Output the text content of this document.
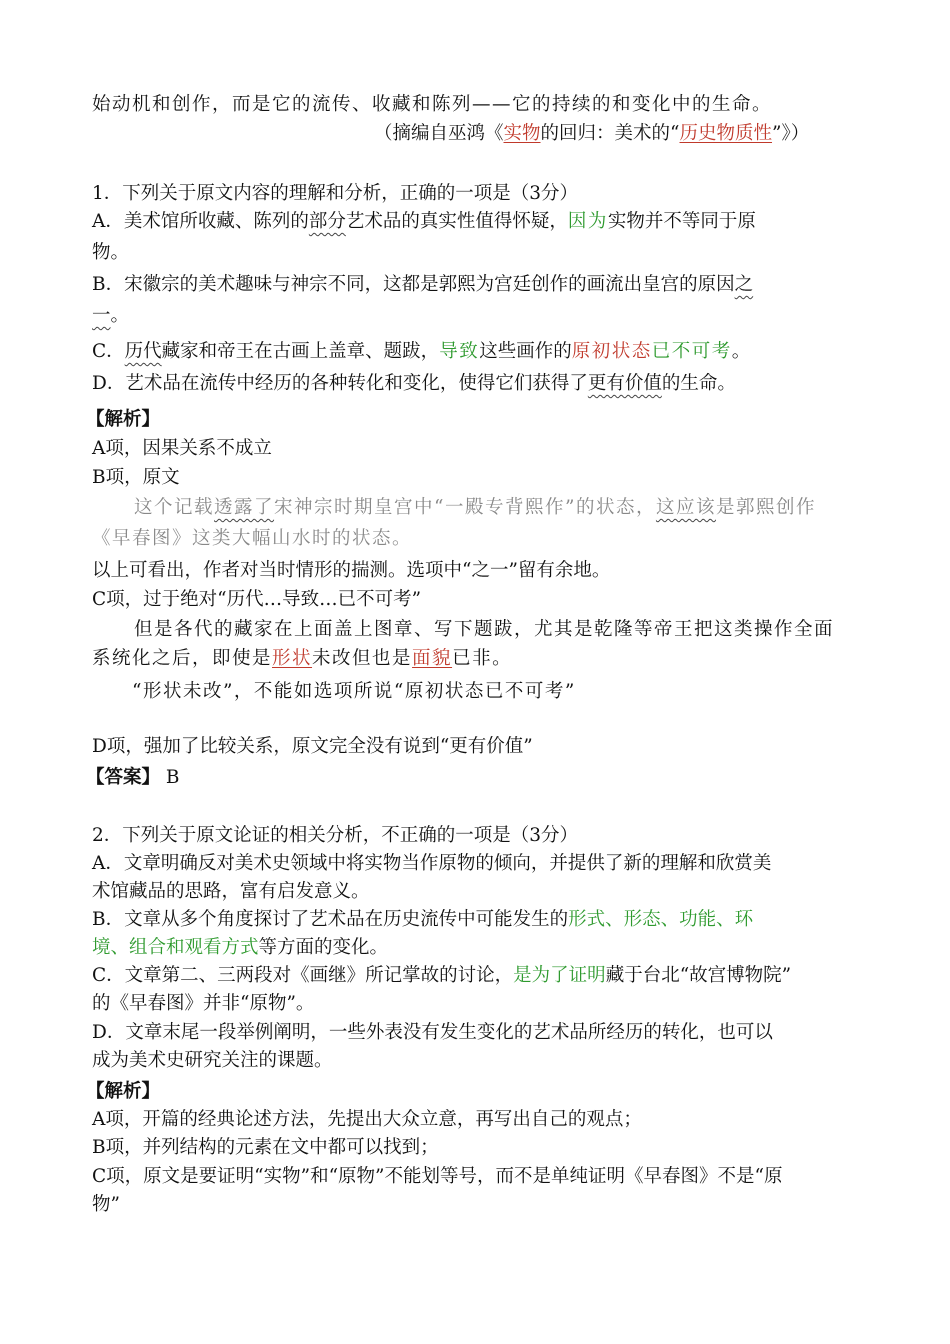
始动机和创作，而是它的流传、收藏和陈列——它的持续的和变化中的生命。
（摘编自巫鸿《实物的回归：美术的“历史物质性”》）
1．下列关于原文内容的理解和分析，正确的一项是（3分）
A．美术馆所收藏、陈列的部分艺术品的真实性值得怀疑，因为实物并不等同于原
物。
B．宋徽宗的美术趣味与神宗不同，这都是郭熙为宫廷创作的画流出皇宫的原因之
一。
C．历代藏家和帝王在古画上盖章、题跋，导致这些画作的原初状态已不可考。
D．艺术品在流传中经历的各种转化和变化，使得它们获得了更有价值的生命。
【解析】
A项，因果关系不成立
B项，原文
这个记载透露了宋神宗时期皇宫中“一殿专背熙作”的状态，这应该是郭熙创作
《早春图》这类大幅山水时的状态。
以上可看出，作者对当时情形的揣测。选项中“之一”留有余地。
C项，过于绝对“历代…导致…已不可考”
但是各代的藏家在上面盖上图章、写下题跋，尤其是乾隆等帝王把这类操作全面
系统化之后，即使是形状未改但也是面貌已非。
“形状未改”，不能如选项所说“原初状态已不可考”
D项，强加了比较关系，原文完全没有说到“更有价值”
【答案】 B
2．下列关于原文论证的相关分析，不正确的一项是（3分）
A．文章明确反对美术史领域中将实物当作原物的倾向，并提供了新的理解和欣赏美
术馆藏品的思路，富有启发意义。
B．文章从多个角度探讨了艺术品在历史流传中可能发生的形式、形态、功能、环
境、组合和观看方式等方面的变化。
C．文章第二、三两段对《画继》所记掌故的讨论，是为了证明藏于台北“故宫博物院”
的《早春图》并非“原物”。
D．文章末尾一段举例阐明，一些外表没有发生变化的艺术品所经历的转化，也可以
成为美术史研究关注的课题。
【解析】
A项，开篇的经典论述方法，先提出大众立意，再写出自己的观点；
B项，并列结构的元素在文中都可以找到；
C项，原文是要证明“实物”和“原物”不能划等号，而不是单纯证明《早春图》不是“原
物”
